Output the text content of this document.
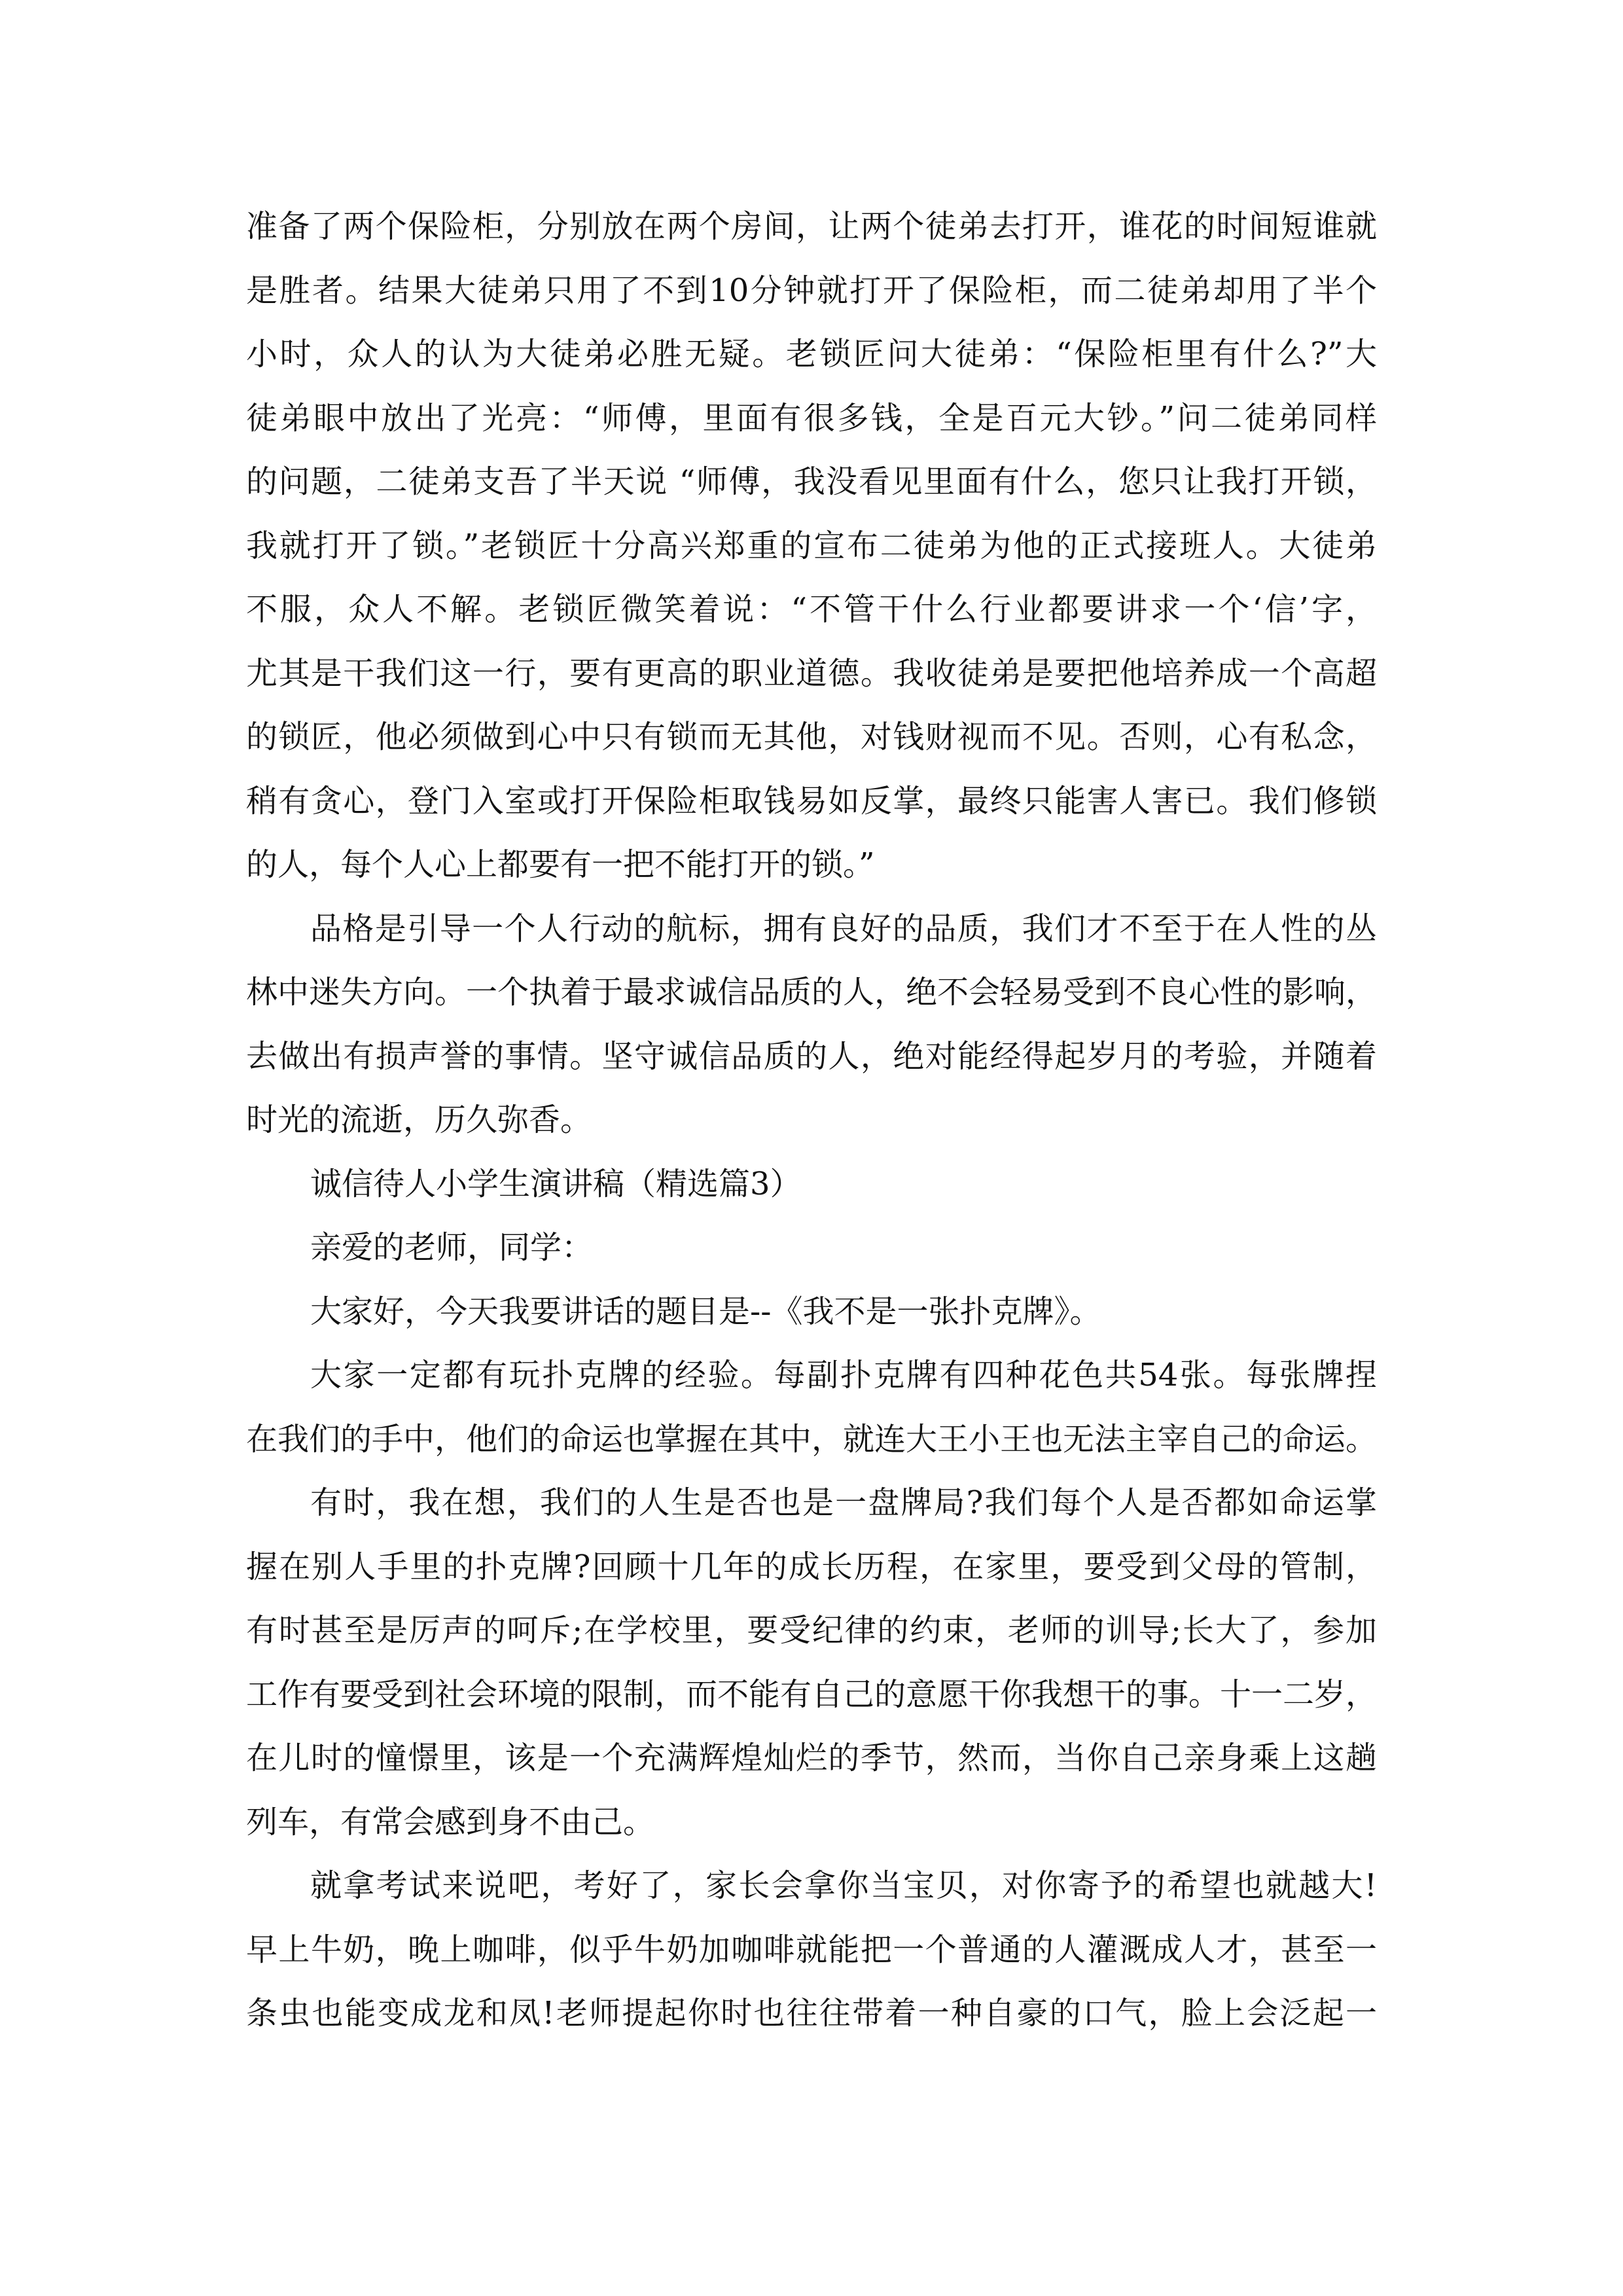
准备了两个保险柜，分别放在两个房间，让两个徒弟去打开，谁花的时间短谁就
是胜者。结果大徒弟只用了不到10分钟就打开了保险柜，而二徒弟却用了半个
小时，众人的认为大徒弟必胜无疑。老锁匠问大徒弟：“保险柜里有什么?”大
徒弟眼中放出了光亮：“师傅，里面有很多钱，全是百元大钞。”问二徒弟同样
的问题，二徒弟支吾了半天说 “师傅，我没看见里面有什么，您只让我打开锁，
我就打开了锁。”老锁匠十分高兴郑重的宣布二徒弟为他的正式接班人。大徒弟
不服，众人不解。老锁匠微笑着说：“不管干什么行业都要讲求一个‘信’字，
尤其是干我们这一行，要有更高的职业道德。我收徒弟是要把他培养成一个高超
的锁匠，他必须做到心中只有锁而无其他，对钱财视而不见。否则，心有私念，
稍有贪心，登门入室或打开保险柜取钱易如反掌，最终只能害人害已。我们修锁
的人，每个人心上都要有一把不能打开的锁。”
品格是引导一个人行动的航标，拥有良好的品质，我们才不至于在人性的丛
林中迷失方向。一个执着于最求诚信品质的人，绝不会轻易受到不良心性的影响，
去做出有损声誉的事情。坚守诚信品质的人，绝对能经得起岁月的考验，并随着
时光的流逝，历久弥香。
诚信待人小学生演讲稿（精选篇3）
亲爱的老师，同学：
大家好，今天我要讲话的题目是--《我不是一张扑克牌》。
大家一定都有玩扑克牌的经验。每副扑克牌有四种花色共54张。每张牌捏
在我们的手中，他们的命运也掌握在其中，就连大王小王也无法主宰自己的命运。
有时，我在想，我们的人生是否也是一盘牌局?我们每个人是否都如命运掌
握在别人手里的扑克牌?回顾十几年的成长历程，在家里，要受到父母的管制，
有时甚至是厉声的呵斥;在学校里，要受纪律的约束，老师的训导;长大了，参加
工作有要受到社会环境的限制，而不能有自己的意愿干你我想干的事。十一二岁，
在儿时的憧憬里，该是一个充满辉煌灿烂的季节，然而，当你自己亲身乘上这趟
列车，有常会感到身不由己。
就拿考试来说吧，考好了，家长会拿你当宝贝，对你寄予的希望也就越大!
早上牛奶，晚上咖啡，似乎牛奶加咖啡就能把一个普通的人灌溉成人才，甚至一
条虫也能变成龙和凤!老师提起你时也往往带着一种自豪的口气，脸上会泛起一
